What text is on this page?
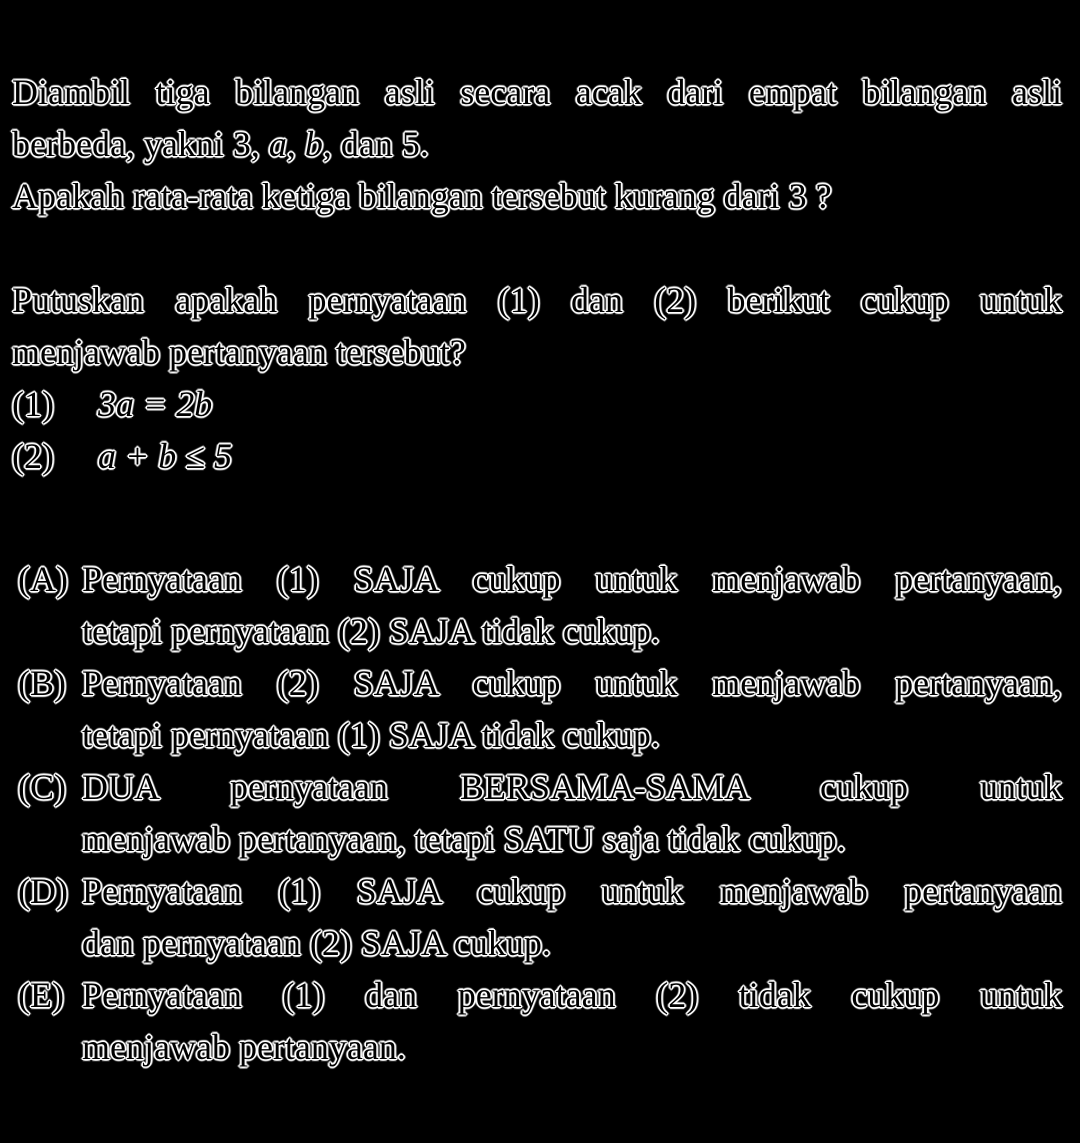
Diambil tiga bilangan asli secara acak dari empat bilangan asli
berbeda, yakni 3, a, b, dan 5.
Apakah rata-rata ketiga bilangan tersebut kurang dari 3 ?
Putuskan apakah pernyataan (1) dan (2) berikut cukup untuk
menjawab pertanyaan tersebut?
(1)	3a = 2b
(2)	a + b ≤ 5
(A) Pernyataan (1) SAJA cukup untuk menjawab pertanyaan,
tetapi pernyataan (2) SAJA tidak cukup.
(B) Pernyataan (2) SAJA cukup untuk menjawab pertanyaan,
tetapi pernyataan (1) SAJA tidak cukup.
(C) DUA pernyataan BERSAMA-SAMA cukup untuk
menjawab pertanyaan, tetapi SATU saja tidak cukup.
(D) Pernyataan (1) SAJA cukup untuk menjawab pertanyaan
dan pernyataan (2) SAJA cukup.
(E) Pernyataan (1) dan pernyataan (2) tidak cukup untuk
menjawab pertanyaan.
